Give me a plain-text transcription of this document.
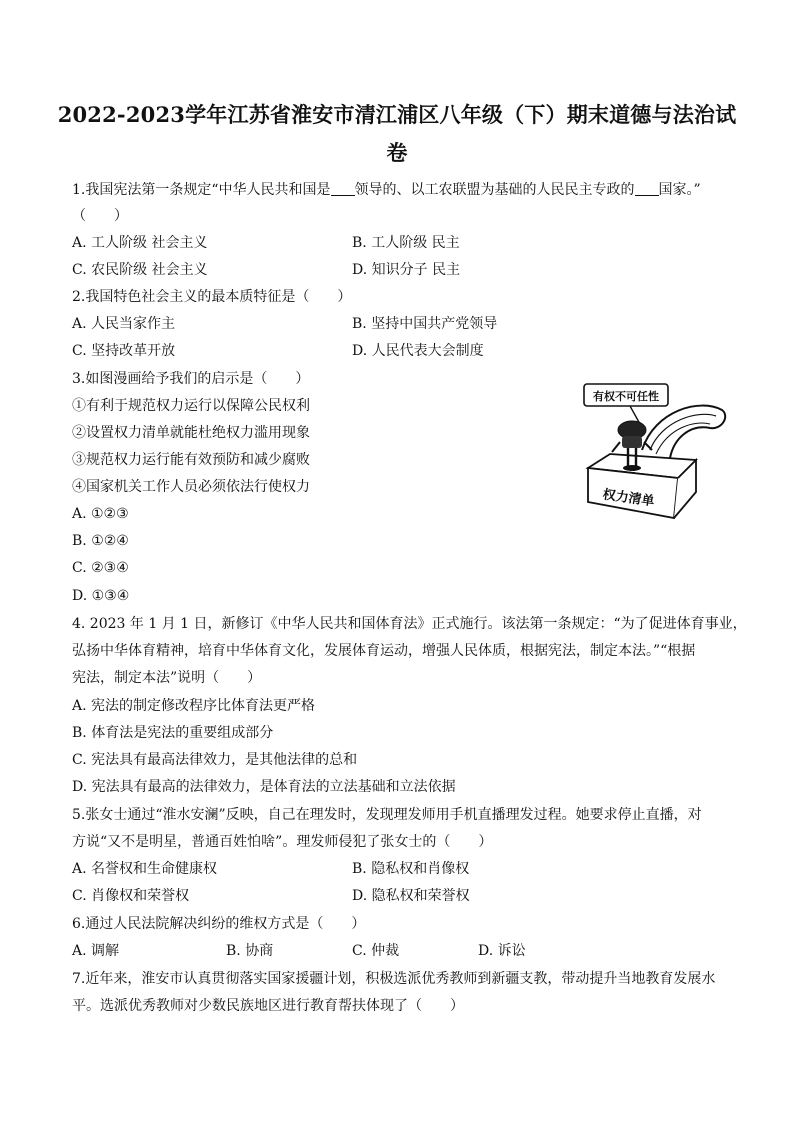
2022-2023学年江苏省淮安市清江浦区八年级（下）期末道德与法治试
卷
1.我国宪法第一条规定“中华人民共和国是 领导的、以工农联盟为基础的人民民主专政的 国家。”
（　　）
A. 工人阶级 社会主义	B. 工人阶级 民主
C. 农民阶级 社会主义	D. 知识分子 民主
2.我国特色社会主义的最本质特征是（　　）
A. 人民当家作主	B. 坚持中国共产党领导
C. 坚持改革开放	D. 人民代表大会制度
3.如图漫画给予我们的启示是（　　）
①有利于规范权力运行以保障公民权利
②设置权力清单就能杜绝权力滥用现象
③规范权力运行能有效预防和减少腐败
④国家机关工作人员必须依法行使权力
A. ①②③
B. ①②④
C. ②③④
D. ①③④
有权不可任性
权力清单
4. 2023 年 1 月 1 日，新修订《中华人民共和国体育法》正式施行。该法第一条规定：“为了促进体育事业，
弘扬中华体育精神，培育中华体育文化，发展体育运动，增强人民体质，根据宪法，制定本法。”“根据
宪法，制定本法”说明（　　）
A. 宪法的制定修改程序比体育法更严格
B. 体育法是宪法的重要组成部分
C. 宪法具有最高法律效力，是其他法律的总和
D. 宪法具有最高的法律效力，是体育法的立法基础和立法依据
5.张女士通过“淮水安澜”反映，自己在理发时，发现理发师用手机直播理发过程。她要求停止直播，对
方说“又不是明星，普通百姓怕啥”。理发师侵犯了张女士的（　　）
A. 名誉权和生命健康权	B. 隐私权和肖像权
C. 肖像权和荣誉权	D. 隐私权和荣誉权
6.通过人民法院解决纠纷的维权方式是（　　）
A. 调解	B. 协商	C. 仲裁	D. 诉讼
7.近年来，淮安市认真贯彻落实国家援疆计划，积极选派优秀教师到新疆支教，带动提升当地教育发展水
平。选派优秀教师对少数民族地区进行教育帮扶体现了（　　）
